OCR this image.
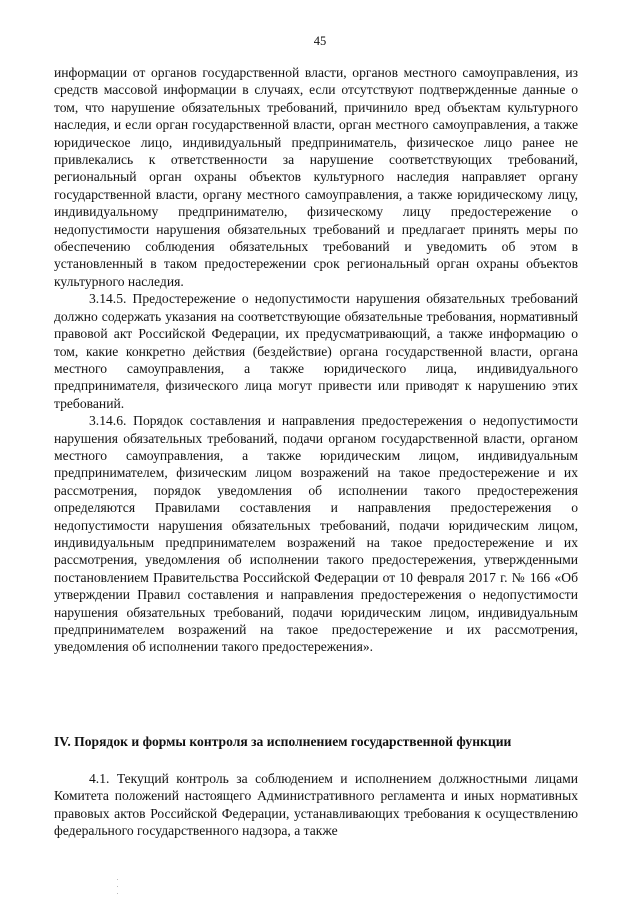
45

информации от органов государственной власти, органов местного самоуправления, из средств массовой информации в случаях, если отсутствуют подтвержденные данные о том, что нарушение обязательных требований, причинило вред объектам культурного наследия, и если орган государственной власти, орган местного самоуправления, а также юридическое лицо, индивидуальный предприниматель, физическое лицо ранее не привлекались к ответственности за нарушение соответствующих требований, региональный орган охраны объектов культурного наследия направляет органу государственной власти, органу местного самоуправления, а также юридическому лицу, индивидуальному предпринимателю, физическому лицу предостережение о недопустимости нарушения обязательных требований и предлагает принять меры по обеспечению соблюдения обязательных требований и уведомить об этом в установленный в таком предостережении срок региональный орган охраны объектов культурного наследия.

3.14.5. Предостережение о недопустимости нарушения обязательных требований должно содержать указания на соответствующие обязательные требования, нормативный правовой акт Российской Федерации, их предусматривающий, а также информацию о том, какие конкретно действия (бездействие) органа государственной власти, органа местного самоуправления, а также юридического лица, индивидуального предпринимателя, физического лица могут привести или приводят к нарушению этих требований.

3.14.6. Порядок составления и направления предостережения о недопустимости нарушения обязательных требований, подачи органом государственной власти, органом местного самоуправления, а также юридическим лицом, индивидуальным предпринимателем, физическим лицом возражений на такое предостережение и их рассмотрения, порядок уведомления об исполнении такого предостережения определяются Правилами составления и направления предостережения о недопустимости нарушения обязательных требований, подачи юридическим лицом, индивидуальным предпринимателем возражений на такое предостережение и их рассмотрения, уведомления об исполнении такого предостережения, утвержденными постановлением Правительства Российской Федерации от 10 февраля 2017 г. № 166 «Об утверждении Правил составления и направления предостережения о недопустимости нарушения обязательных требований, подачи юридическим лицом, индивидуальным предпринимателем возражений на такое предостережение и их рассмотрения, уведомления об исполнении такого предостережения».

IV. Порядок и формы контроля за исполнением государственной функции

4.1. Текущий контроль за соблюдением и исполнением должностными лицами Комитета положений настоящего Административного регламента и иных нормативных правовых актов Российской Федерации, устанавливающих требования к осуществлению федерального государственного надзора, а также
